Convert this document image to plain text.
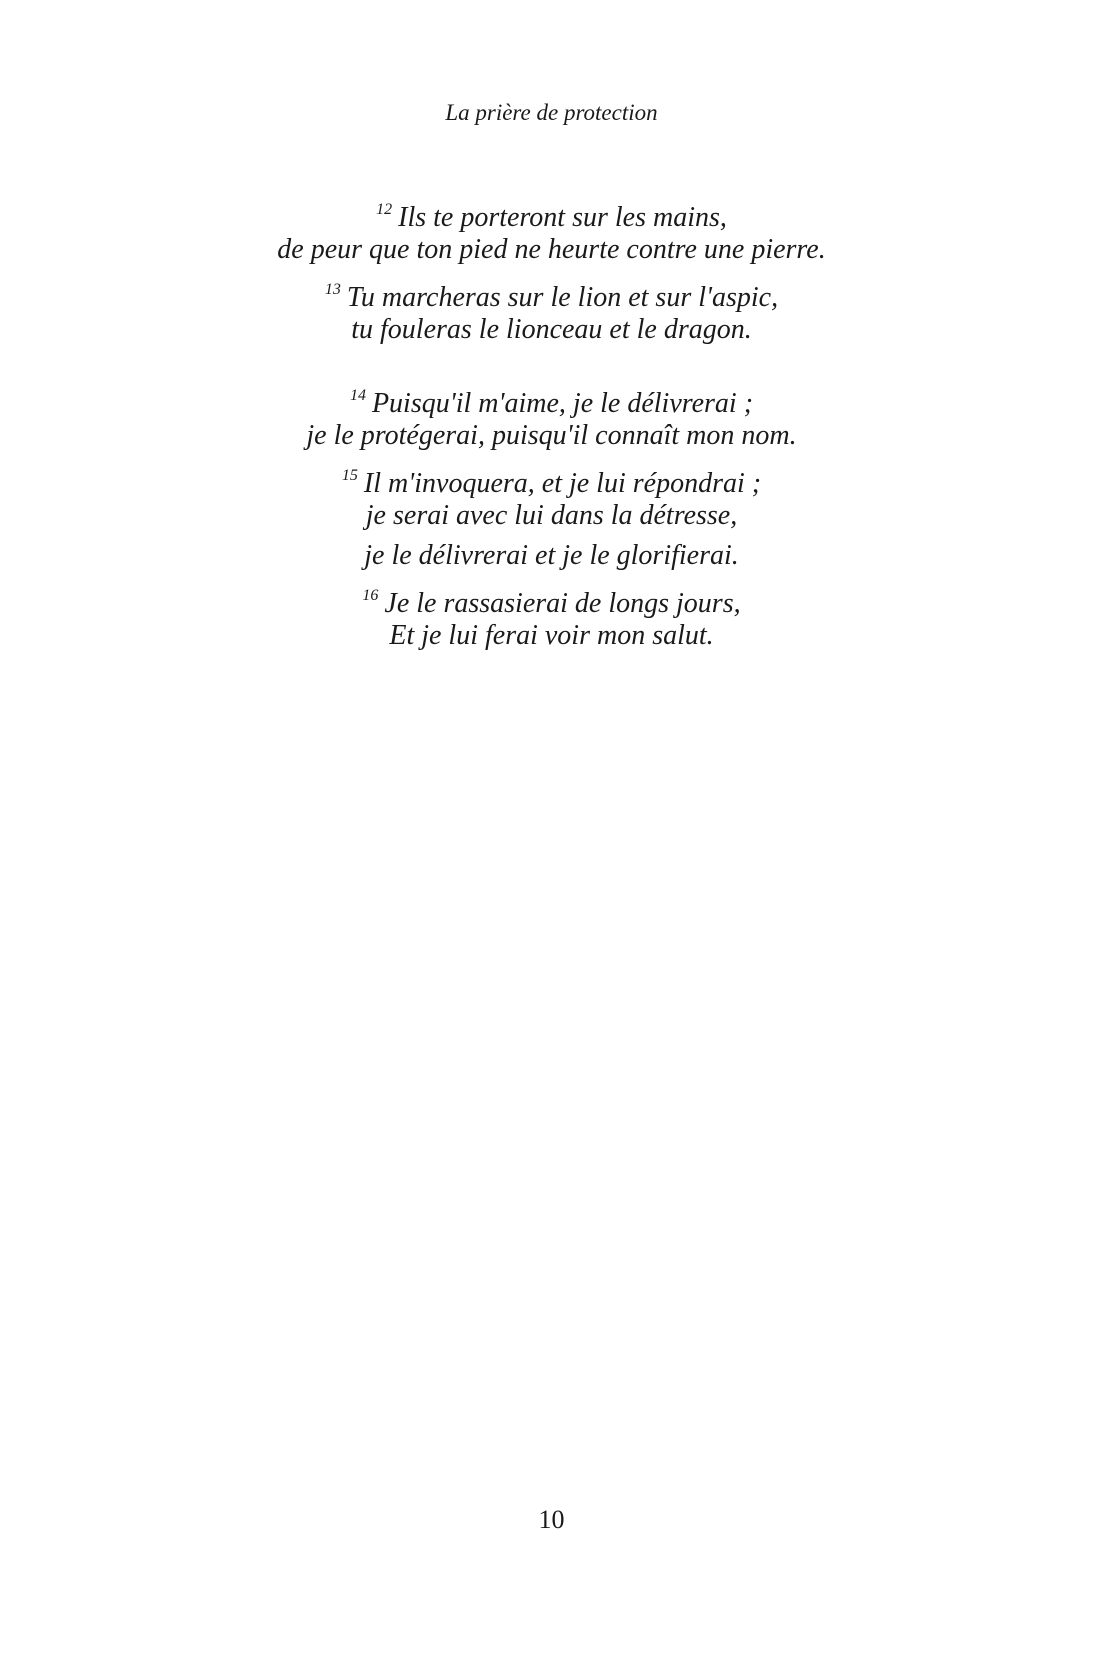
La prière de protection
$^{12}$ Ils te porteront sur les mains,
de peur que ton pied ne heurte contre une pierre.
$^{13}$ Tu marcheras sur le lion et sur l'aspic,
tu fouleras le lionceau et le dragon.
$^{14}$ Puisqu'il m'aime, je le délivrerai ;
je le protégerai, puisqu'il connaît mon nom.
$^{15}$ Il m'invoquera, et je lui répondrai ;
je serai avec lui dans la détresse,
je le délivrerai et je le glorifierai.
$^{16}$ Je le rassasierai de longs jours,
Et je lui ferai voir mon salut.
10
